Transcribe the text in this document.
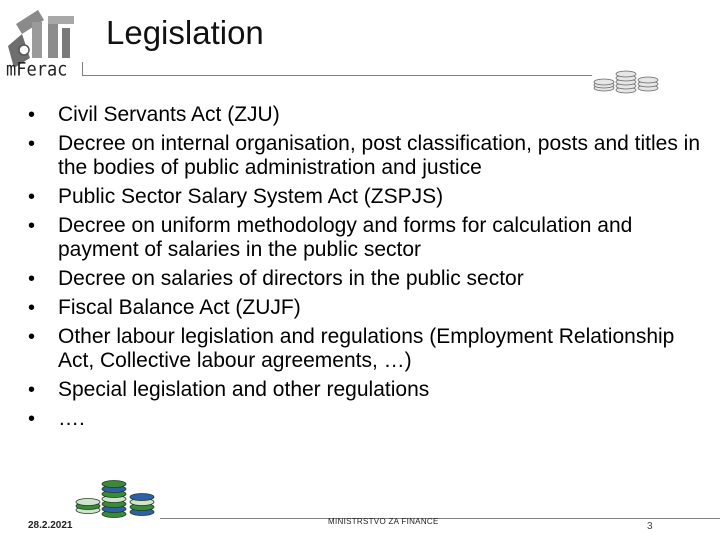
mFerac
Legislation
• Civil Servants Act (ZJU)
• Decree on internal organisation, post classification, posts and titles in the bodies of public administration and justice
• Public Sector Salary System Act (ZSPJS)
• Decree on uniform methodology and forms for calculation and payment of salaries in the public sector
• Decree on salaries of directors in the public sector
• Fiscal Balance Act (ZUJF)
• Other labour legislation and regulations (Employment Relationship Act, Collective labour agreements, …)
• Special legislation and other regulations
• ….
28.2.2021	MINISTRSTVO ZA FINANCE	3
